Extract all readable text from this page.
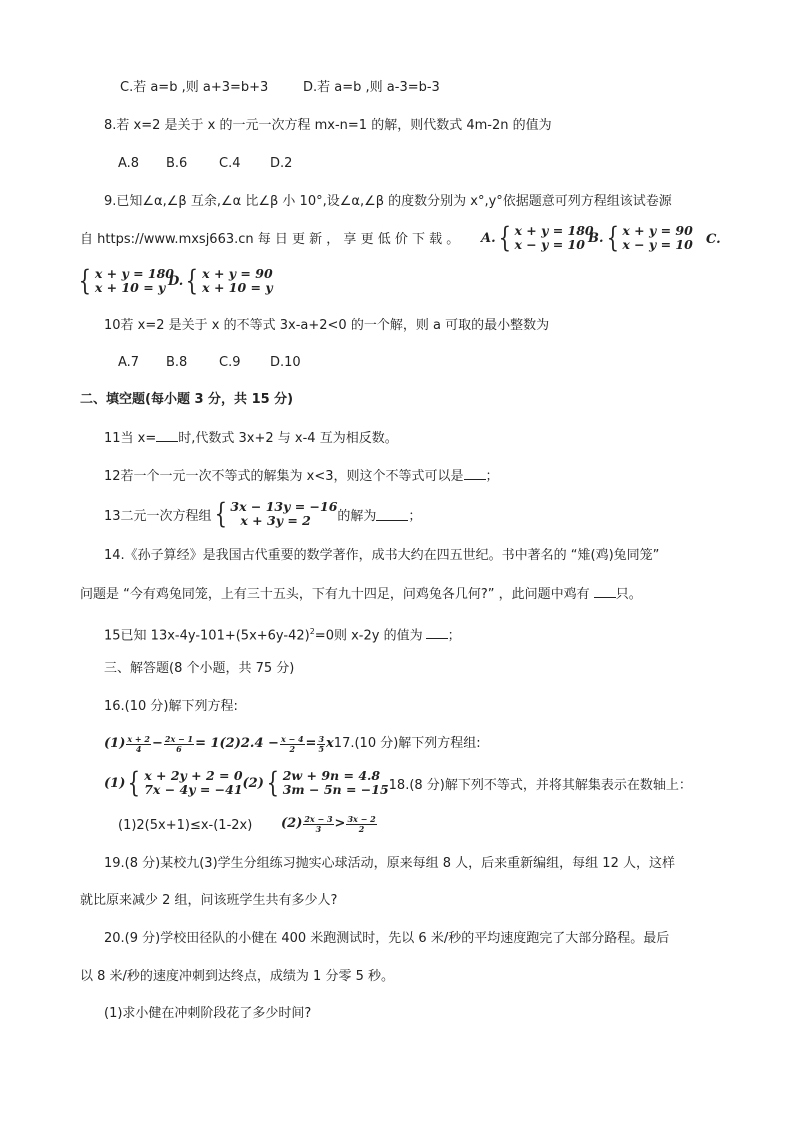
C.若 a=b ,则 a+3=b+3	D.若 a=b ,则 a-3=b-3
8.若 x=2 是关于 x 的一元一次方程 mx-n=1 的解，则代数式 4m-2n 的值为
A.8 B.6 C.4 D.2
9.已知∠α,∠β 互余,∠α 比∠β 小 10°,设∠α,∠β 的度数分别为 x°,y°依据题意可列方程组该试卷源
自 https://www.mxsj663.cn 每 日 更 新 ， 享 更 低 价 下 载 。 A. { x + y = 180
x − y = 10 B. { x + y = 90
x − y = 10 C.
{ x + y = 180
x + 10 = y D. { x + y = 90
x + 10 = y
10若 x=2 是关于 x 的不等式 3x-a+2<0 的一个解，则 a 可取的最小整数为
A.7 B.8 C.9 D.10
二、填空题(每小题 3 分，共 15 分)
11当 x= 时,代数式 3x+2 与 x-4 互为相反数。
12若一个一元一次不等式的解集为 x<3，则这个不等式可以是 ；
13二元一次方程组 { 3x − 13y = −16
x + 3y = 2	的解为 ；
14.《孙子算经》是我国古代重要的数学著作，成书大约在四五世纪。书中著名的 “雉(鸡)兔同笼”
问题是 “今有鸡兔同笼，上有三十五头，下有九十四足，问鸡兔各几何?” ，此问题中鸡有 只。
15已知 $13x-4y-101+(5x+6y-42)^2=0$则 x-2y 的值为 ；
三、解答题(8 个小题，共 75 分)
16.(10 分)解下列方程:
$(1) \frac{x + 2}{4} - \frac{2x - 1}{6} = 1$ (2) $2.4 - \frac{x - 4}{2} = \frac{3}{5}$ x 17.(10 分)解下列方程组:
(1) { x + 2y + 2 = 0
7x − 4y = −41 (2) { 2w + 9n = 4.8
3m − 5n = −15 18.(8 分)解下列不等式，并将其解集表示在数轴上：
(1)2(5x+1)≤x-(1-2x) $(2) \frac{2x - 3}{3} > \frac{3x - 2}{2}$
19.(8 分)某校九(3)学生分组练习抛实心球活动，原来每组 8 人，后来重新编组，每组 12 人，这样
就比原来减少 2 组，问该班学生共有多少人?
20.(9 分)学校田径队的小健在 400 米跑测试时，先以 6 米/秒的平均速度跑完了大部分路程。最后
以 8 米/秒的速度冲刺到达终点，成绩为 1 分零 5 秒。
(1)求小健在冲刺阶段花了多少时间?
